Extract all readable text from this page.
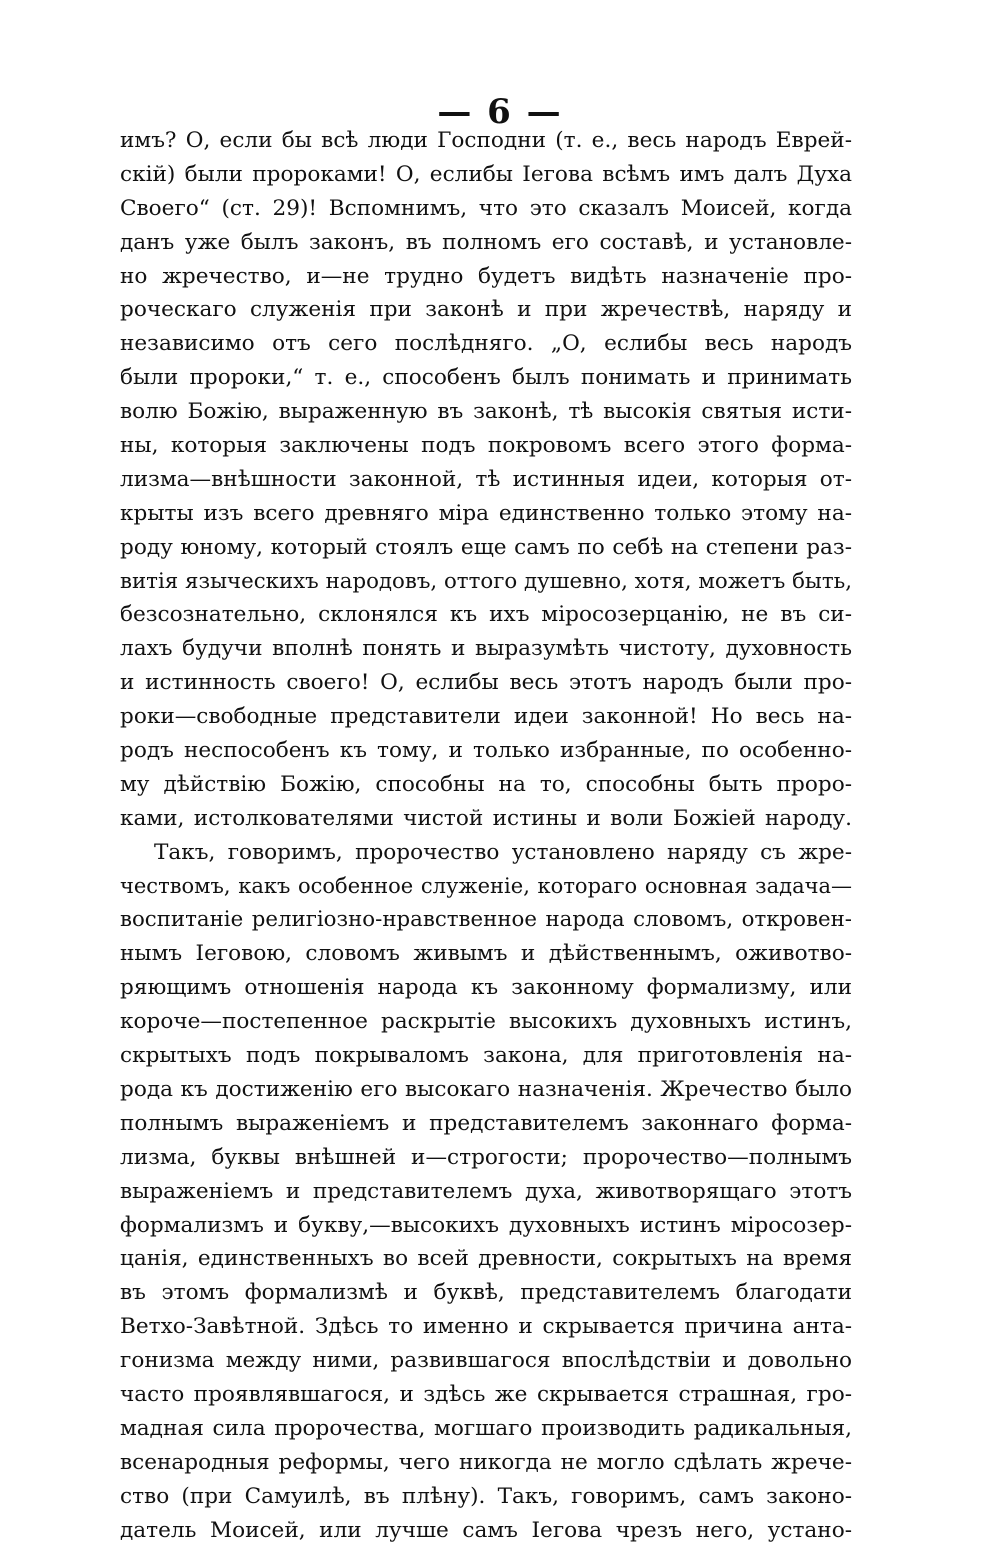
— 6 —
имъ? О, если бы всѣ люди Господни (т. е., весь народъ Еврей-
скій) были пророками! О, еслибы Іегова всѣмъ имъ далъ Духа
Своего“ (ст. 29)! Вспомнимъ, что это сказалъ Моисей, когда
данъ уже былъ законъ, въ полномъ его составѣ, и установле-
но жречество, и—не трудно будетъ видѣть назначеніе про-
роческаго служенія при законѣ и при жречествѣ, наряду и
независимо отъ сего послѣдняго. „О, еслибы весь народъ
были пророки,“ т. е., способенъ былъ понимать и принимать
волю Божію, выраженную въ законѣ, тѣ высокія святыя исти-
ны, которыя заключены подъ покровомъ всего этого форма-
лизма—внѣшности законной, тѣ истинныя идеи, которыя от-
крыты изъ всего древняго міра единственно только этому на-
роду юному, который стоялъ еще самъ по себѣ на степени раз-
витія языческихъ народовъ, оттого душевно, хотя, можетъ быть,
безсознательно, склонялся къ ихъ міросозерцанію, не въ си-
лахъ будучи вполнѣ понять и выразумѣть чистоту, духовность
и истинность своего! О, еслибы весь этотъ народъ были про-
роки—свободные представители идеи законной! Но весь на-
родъ неспособенъ къ тому, и только избранные, по особенно-
му дѣйствію Божію, способны на то, способны быть проро-
ками, истолкователями чистой истины и воли Божіей народу.
Такъ, говоримъ, пророчество установлено наряду съ жре-
чествомъ, какъ особенное служеніе, котораго основная задача—
воспитаніе религіозно-нравственное народа словомъ, откровен-
нымъ Іеговою, словомъ живымъ и дѣйственнымъ, оживотво-
ряющимъ отношенія народа къ законному формализму, или
короче—постепенное раскрытіе высокихъ духовныхъ истинъ,
скрытыхъ подъ покрываломъ закона, для приготовленія на-
рода къ достиженію его высокаго назначенія. Жречество было
полнымъ выраженіемъ и представителемъ законнаго форма-
лизма, буквы внѣшней и—строгости; пророчество—полнымъ
выраженіемъ и представителемъ духа, животворящаго этотъ
формализмъ и букву,—высокихъ духовныхъ истинъ міросозер-
цанія, единственныхъ во всей древности, сокрытыхъ на время
въ этомъ формализмѣ и буквѣ, представителемъ благодати
Ветхо-Завѣтной. Здѣсь то именно и скрывается причина анта-
гонизма между ними, развившагося впослѣдствіи и довольно
часто проявлявшагося, и здѣсь же скрывается страшная, гро-
мадная сила пророчества, могшаго производить радикальныя,
всенародныя реформы, чего никогда не могло сдѣлать жрече-
ство (при Самуилѣ, въ плѣну). Такъ, говоримъ, самъ законо-
датель Моисей, или лучше самъ Іегова чрезъ него, устано-
